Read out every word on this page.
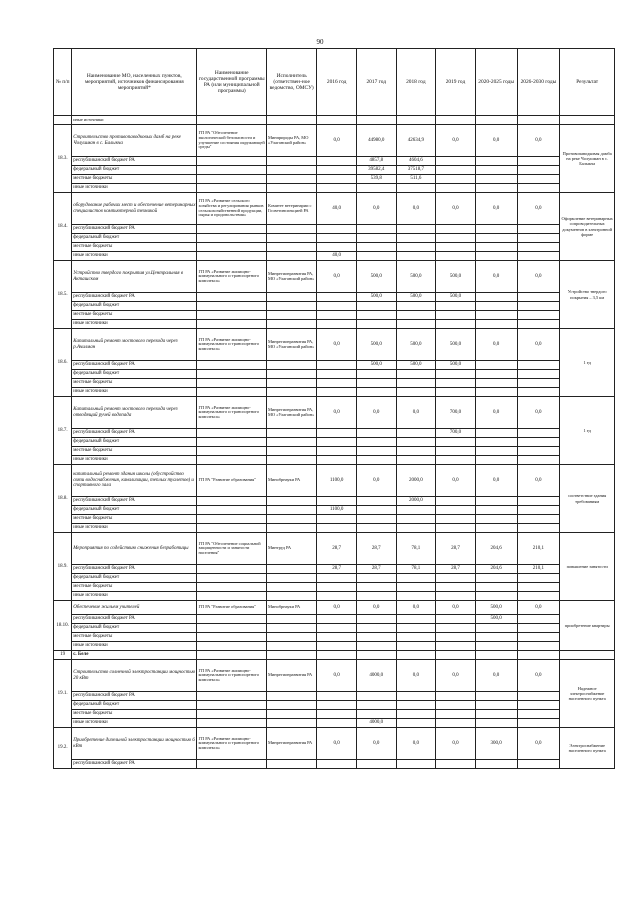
90
№ п/п	Наименование МО, населенных пунктов, мероприятий, источников финансирования мероприятий*	Наименование государственной программы РА (или муниципальной программы)	Исполнитель (ответствен-ное ведомство, ОМСУ)	2016 год	2017 год	2018 год	2019 год	2020-2025 годы	2026-2030 годы	Результат
	иные источники									
18.3.	Строительство противопаводковых дамб на реке Чолушман в с. Балыкча	ГП РА "Обеспечение экологической безопасности и улучшение состояния окружающей среды"	Минприроды РА, МО «Улаганский район»	0,0	44980,0	42634,9	0,0	0,0	0,0	Противопаводковая дамба на реке Чолушман в с. Балыкча
	республиканский бюджет РА				4857,8	4604,6				
	федеральный бюджет				39582,4	37518,7				
	местные бюджеты				539,8	511,6				
	иные источники									
18.4.	оборудование рабочих мест и обеспечение ветеринарных специалистов компьютерной техникой	ГП РА «Развитие сельского хозяйства и регулирования рынков сельскохозяйственной продукции, сырья и продовольствия»	Комитет ветеринарии с Госветинспекцией РА	40,0	0,0	0,0	0,0	0,0	0,0	Оформление ветеринарных сопроводительных документов в электронной форме
	республиканский бюджет РА									
	федеральный бюджет									
	местные бюджеты									
	иные источники			40,0						
18.5.	Устройство твердого покрытия ул.Центральная в Акташском	ГП РА «Развитие жилищно-коммунального и транспортного комплекса»	Минрегионразвития РА, МО «Улаганский район»	0,0	500,0	500,0	500,0	0,0	0,0	Устройство твердого покрытия – 3,5 км
	республиканский бюджет РА				500,0	500,0	500,0			
	федеральный бюджет									
	местные бюджеты									
	иные источники									
18.6.	Капитальный ремонт мостового перехода через р.Ачилман	ГП РА «Развитие жилищно-коммунального и транспортного комплекса»	Минрегионразвития РА, МО «Улаганский район»	0,0	500,0	500,0	500,0	0,0	0,0	1 ед
	республиканский бюджет РА				500,0	500,0	500,0			
	федеральный бюджет									
	местные бюджеты									
	иные источники									
18.7.	Капитальный ремонт мостового перехода через отводящий ручей водопада	ГП РА «Развитие жилищно-коммунального и транспортного комплекса»	Минрегионразвития РА, МО «Улаганский район»	0,0	0,0	0,0	700,0	0,0	0,0	1 ед
	республиканский бюджет РА						700,0			
	федеральный бюджет									
	местные бюджеты									
	иные источники									
18.8.	капитальный ремонт здания школы (обустройство связи водоснабжения, канализации, теплых туалетов) и спортивного зала	ГП РА "Развитие образования"	Минобрнауки РА	1100,0	0,0	2000,0	0,0	0,0	0,0	соответствие здания требованиям
	республиканский бюджет РА					2000,0				
	федеральный бюджет			1100,0						
	местные бюджеты									
	иные источники									
18.9.	Мероприятия по содействию снижения безработицы	ГП РА "Обеспечение социальной защищенности и занятости населения"	Минтруд РА	28,7	28,7	78,1	28,7	204,6	210,1	повышение занятости
	республиканский бюджет РА			28,7	28,7	78,1	28,7	204,6	210,1	
	федеральный бюджет									
	местные бюджеты									
	иные источники									
18.10.	Обеспечение жильем учителей	ГП РА "Развитие образования"	Минобрнауки РА	0,0	0,0	0,0	0,0	500,0	0,0	приобретение квартиры
	республиканский бюджет РА							500,0		
	федеральный бюджет									
	местные бюджеты									
	иные источники									
19	с. Беле									
19.1.	Строительство солнечной электростанции мощностью 20 кВт	ГП РА «Развитие жилищно-коммунального и транспортного комплекса»	Минрегионразвития РА	0,0	4000,0	0,0	0,0	0,0	0,0	Надежное электроснабжение населенного пункта
	республиканский бюджет РА									
	федеральный бюджет									
	местные бюджеты									
	иные источники				4000,0					
19.2.	Приобретение дизельной электростанции мощностью 6 кВт	ГП РА «Развитие жилищно-коммунального и транспортного комплекса»	Минрегионразвития РА	0,0	0,0	0,0	0,0	300,0	0,0	Электроснабжение населенного пункта
	республиканский бюджет РА									
